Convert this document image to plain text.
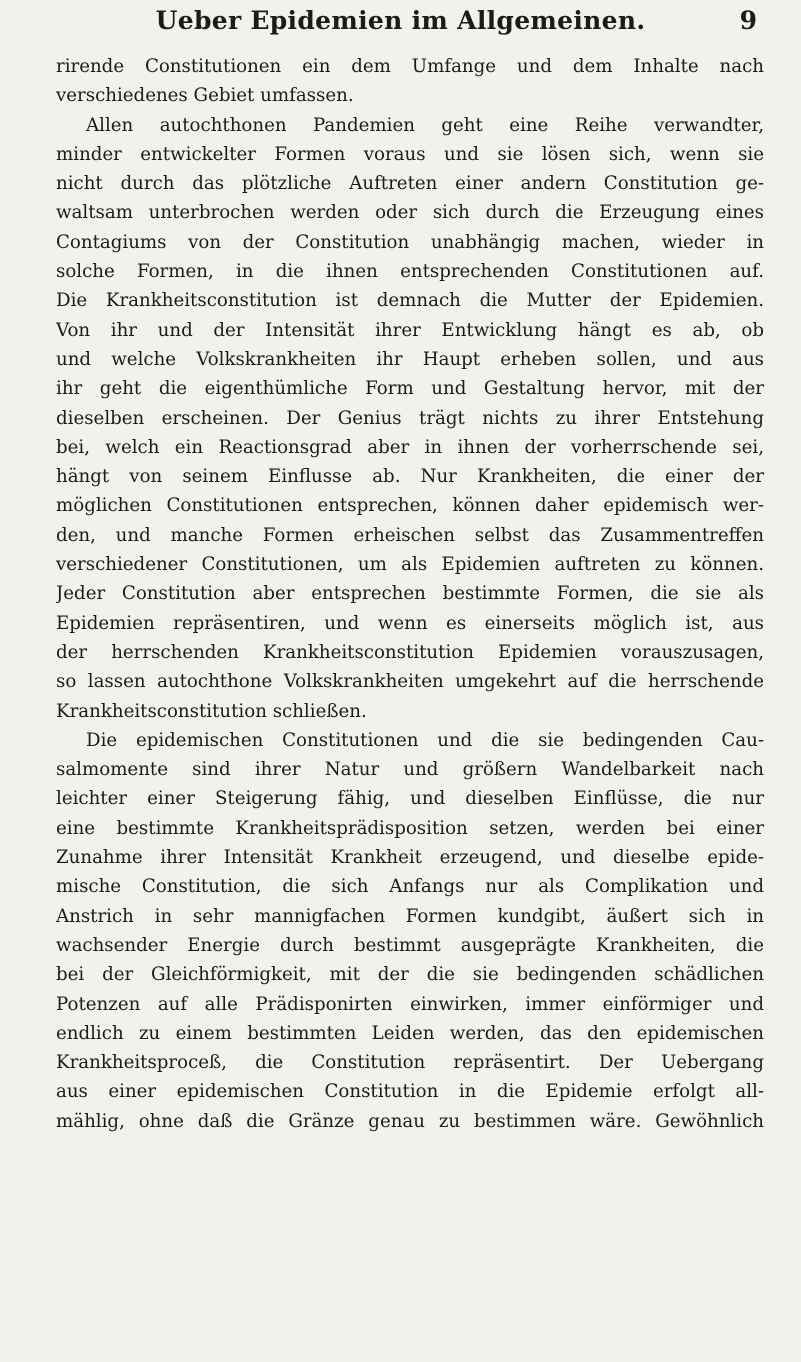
Ueber Epidemien im Allgemeinen.	9
rirende Constitutionen ein dem Umfange und dem Inhalte nach
verschiedenes Gebiet umfassen.
Allen autochthonen Pandemien geht eine Reihe verwandter,
minder entwickelter Formen voraus und sie lösen sich, wenn sie
nicht durch das plötzliche Auftreten einer andern Constitution ge-
waltsam unterbrochen werden oder sich durch die Erzeugung eines
Contagiums von der Constitution unabhängig machen, wieder in
solche Formen, in die ihnen entsprechenden Constitutionen auf.
Die Krankheitsconstitution ist demnach die Mutter der Epidemien.
Von ihr und der Intensität ihrer Entwicklung hängt es ab, ob
und welche Volkskrankheiten ihr Haupt erheben sollen, und aus
ihr geht die eigenthümliche Form und Gestaltung hervor, mit der
dieselben erscheinen. Der Genius trägt nichts zu ihrer Entstehung
bei, welch ein Reactionsgrad aber in ihnen der vorherrschende sei,
hängt von seinem Einflusse ab. Nur Krankheiten, die einer der
möglichen Constitutionen entsprechen, können daher epidemisch wer-
den, und manche Formen erheischen selbst das Zusammentreffen
verschiedener Constitutionen, um als Epidemien auftreten zu können.
Jeder Constitution aber entsprechen bestimmte Formen, die sie als
Epidemien repräsentiren, und wenn es einerseits möglich ist, aus
der herrschenden Krankheitsconstitution Epidemien vorauszusagen,
so lassen autochthone Volkskrankheiten umgekehrt auf die herrschende
Krankheitsconstitution schließen.
Die epidemischen Constitutionen und die sie bedingenden Cau-
salmomente sind ihrer Natur und größern Wandelbarkeit nach
leichter einer Steigerung fähig, und dieselben Einflüsse, die nur
eine bestimmte Krankheitsprädisposition setzen, werden bei einer
Zunahme ihrer Intensität Krankheit erzeugend, und dieselbe epide-
mische Constitution, die sich Anfangs nur als Complikation und
Anstrich in sehr mannigfachen Formen kundgibt, äußert sich in
wachsender Energie durch bestimmt ausgeprägte Krankheiten, die
bei der Gleichförmigkeit, mit der die sie bedingenden schädlichen
Potenzen auf alle Prädisponirten einwirken, immer einförmiger und
endlich zu einem bestimmten Leiden werden, das den epidemischen
Krankheitsproceß, die Constitution repräsentirt. Der Uebergang
aus einer epidemischen Constitution in die Epidemie erfolgt all-
mählig, ohne daß die Gränze genau zu bestimmen wäre. Gewöhnlich
